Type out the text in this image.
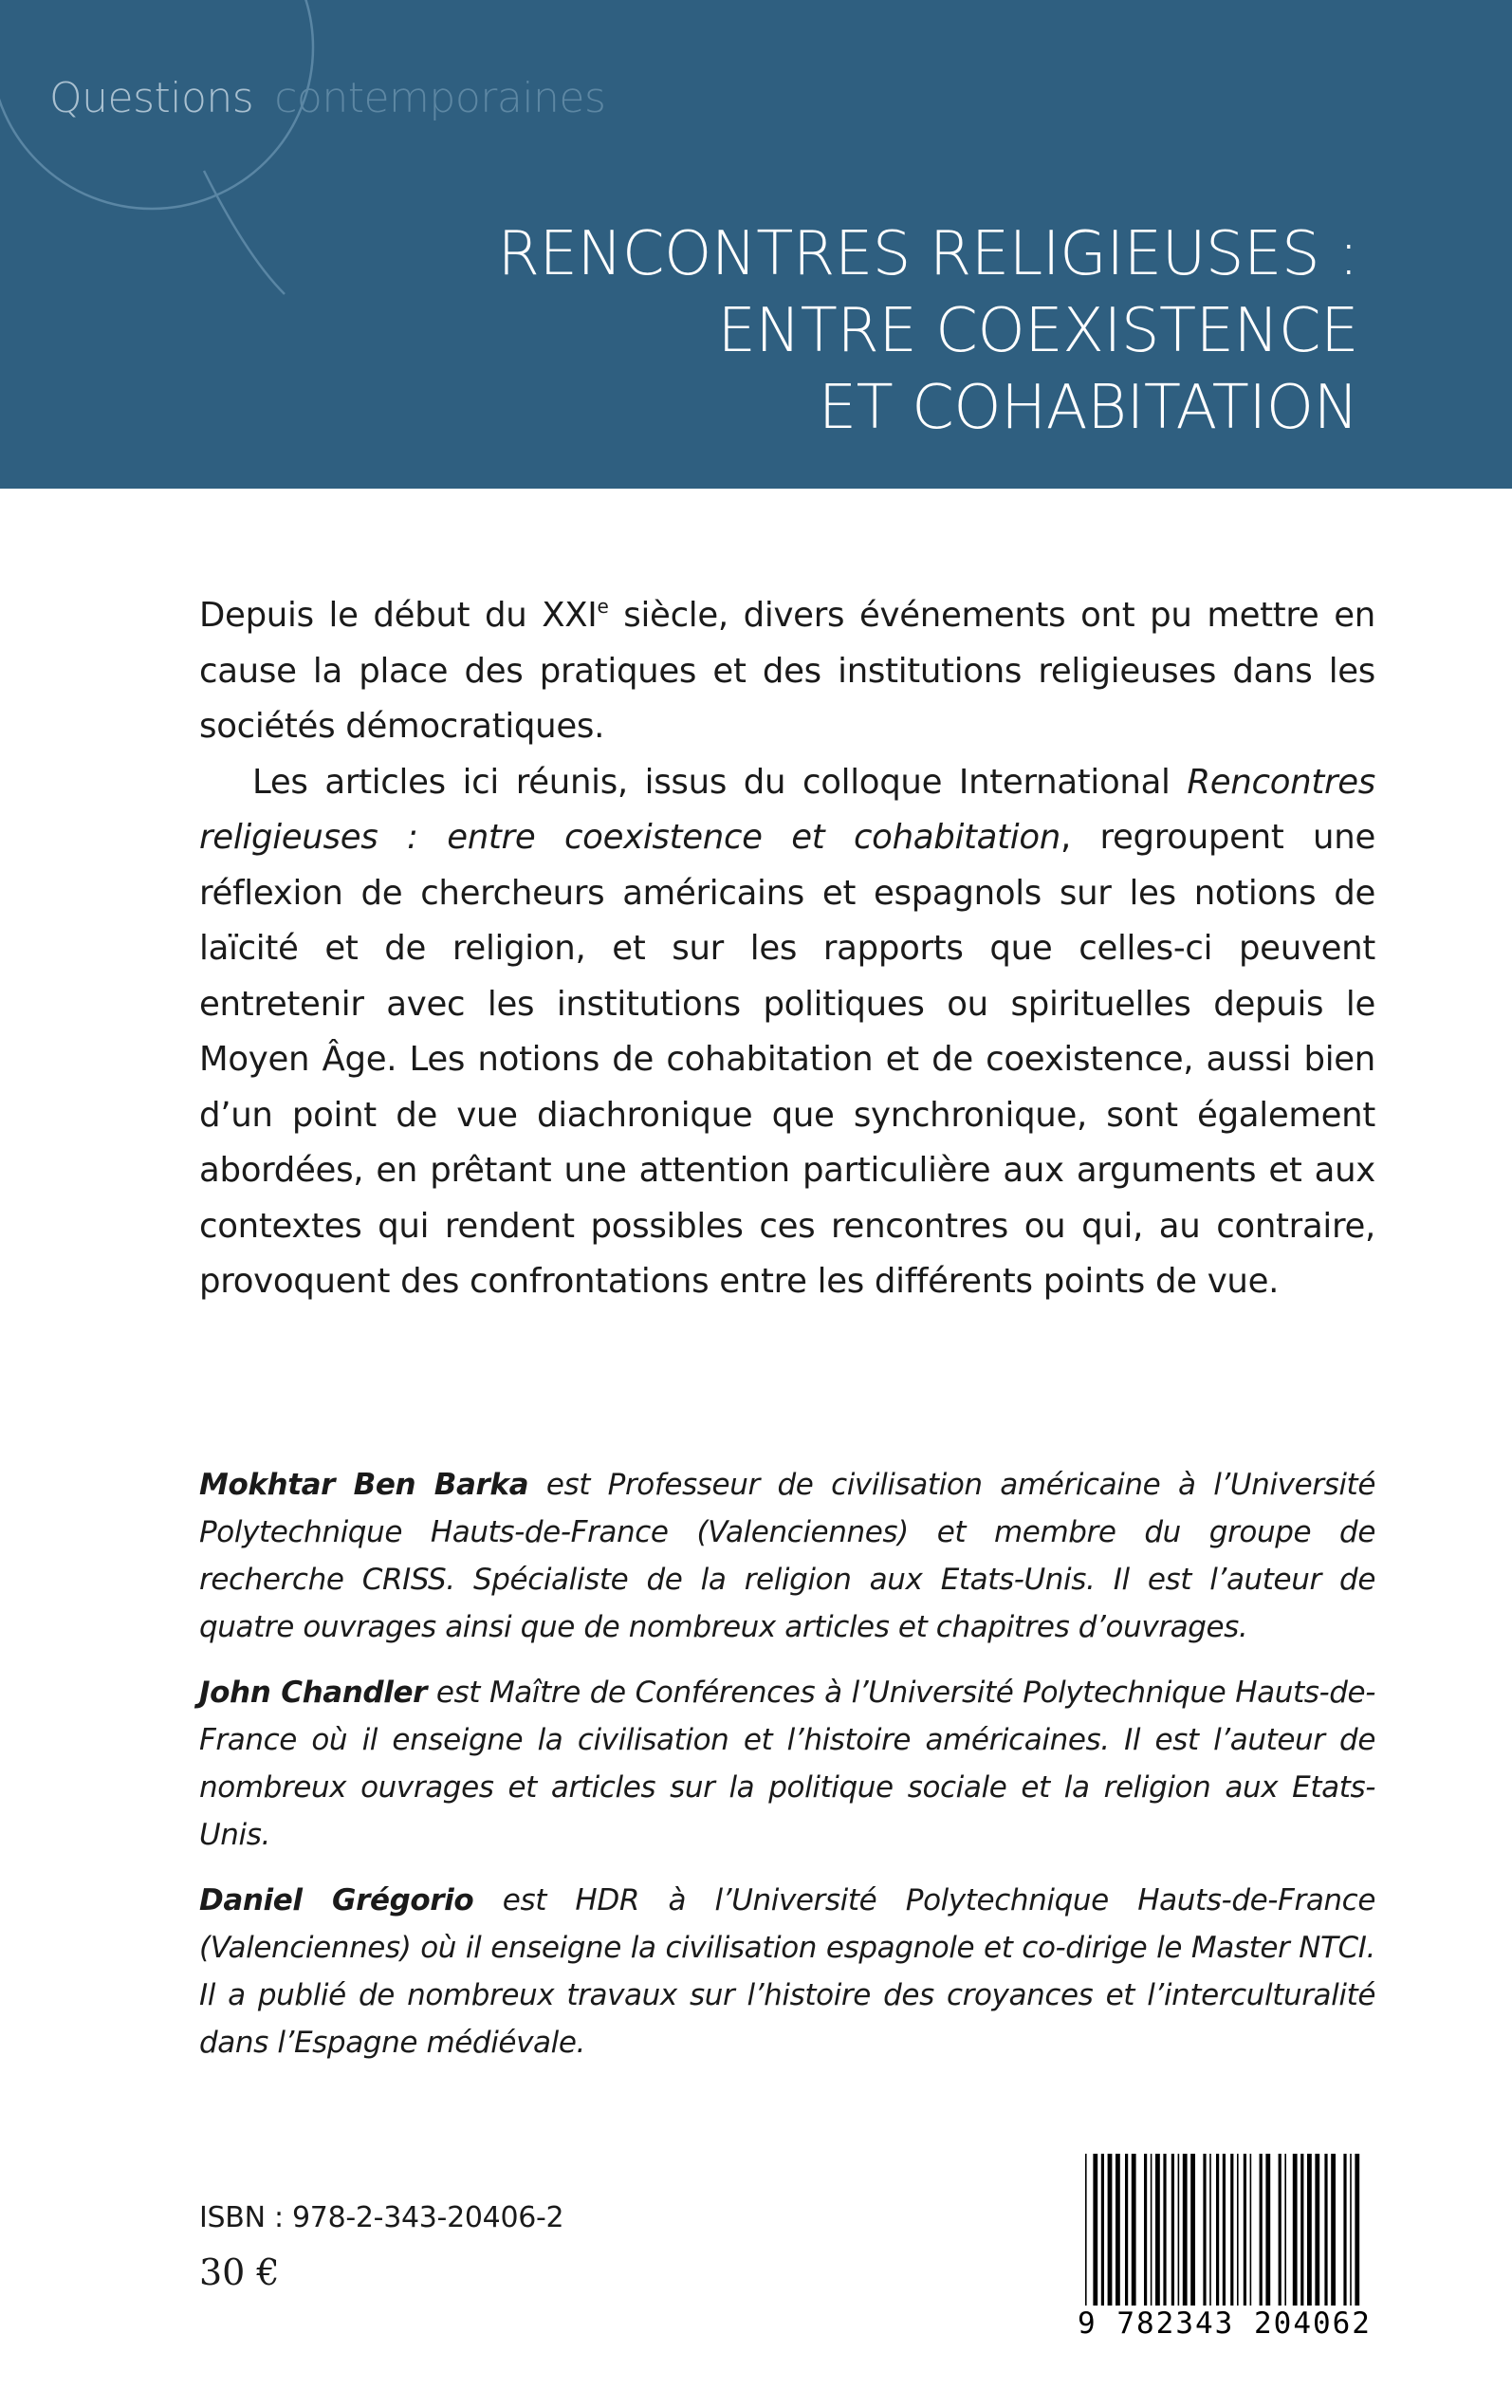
Questions contemporaines
RENCONTRES RELIGIEUSES :
ENTRE COEXISTENCE
ET COHABITATION

Depuis le début du XXIe siècle, divers événements ont pu mettre en cause la place des pratiques et des institutions religieuses dans les sociétés démocratiques.

Les articles ici réunis, issus du colloque International Rencontres religieuses : entre coexistence et cohabitation, regroupent une réflexion de chercheurs américains et espagnols sur les notions de laïcité et de religion, et sur les rapports que celles-ci peuvent entretenir avec les institutions politiques ou spirituelles depuis le Moyen Âge. Les notions de cohabitation et de coexistence, aussi bien d’un point de vue diachronique que synchronique, sont également abordées, en prêtant une attention particulière aux arguments et aux contextes qui rendent possibles ces rencontres ou qui, au contraire, provoquent des confrontations entre les différents points de vue.

Mokhtar Ben Barka est Professeur de civilisation américaine à l’Université Polytechnique Hauts-de-France (Valenciennes) et membre du groupe de recherche CRISS. Spécialiste de la religion aux Etats-Unis. Il est l’auteur de quatre ouvrages ainsi que de nombreux articles et chapitres d’ouvrages.

John Chandler est Maître de Conférences à l’Université Polytechnique Hauts-de-France où il enseigne la civilisation et l’histoire américaines. Il est l’auteur de nombreux ouvrages et articles sur la politique sociale et la religion aux Etats-Unis.

Daniel Grégorio est HDR à l’Université Polytechnique Hauts-de-France (Valenciennes) où il enseigne la civilisation espagnole et co-dirige le Master NTCI. Il a publié de nombreux travaux sur l’histoire des croyances et l’interculturalité dans l’Espagne médiévale.

ISBN : 978-2-343-20406-2
30 €
9 782343 204062
